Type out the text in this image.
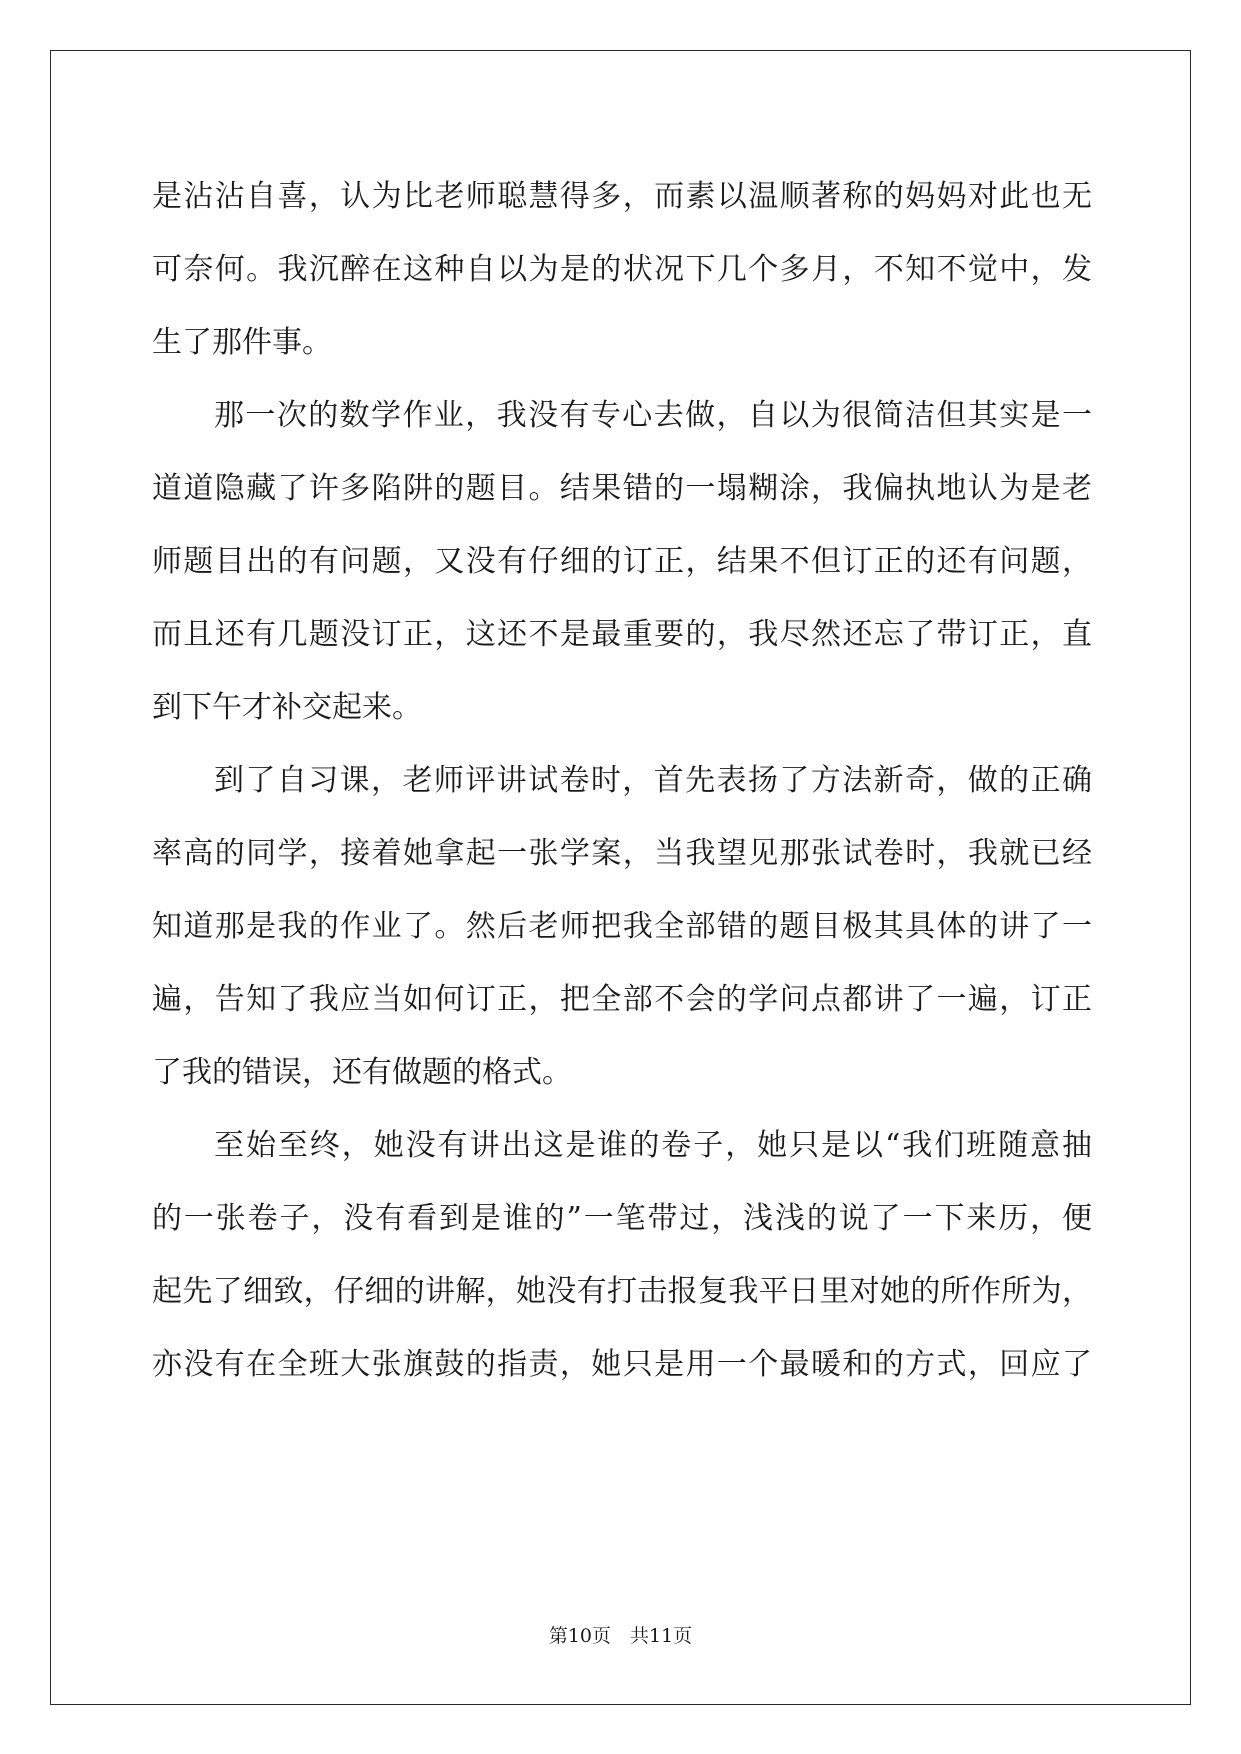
是沾沾自喜，认为比老师聪慧得多，而素以温顺著称的妈妈对此也无
可奈何。我沉醉在这种自以为是的状况下几个多月，不知不觉中，发
生了那件事。
那一次的数学作业，我没有专心去做，自以为很简洁但其实是一
道道隐藏了许多陷阱的题目。结果错的一塌糊涂，我偏执地认为是老
师题目出的有问题，又没有仔细的订正，结果不但订正的还有问题，
而且还有几题没订正，这还不是最重要的，我尽然还忘了带订正，直
到下午才补交起来。
到了自习课，老师评讲试卷时，首先表扬了方法新奇，做的正确
率高的同学，接着她拿起一张学案，当我望见那张试卷时，我就已经
知道那是我的作业了。然后老师把我全部错的题目极其具体的讲了一
遍，告知了我应当如何订正，把全部不会的学问点都讲了一遍，订正
了我的错误，还有做题的格式。
至始至终，她没有讲出这是谁的卷子，她只是以“我们班随意抽
的一张卷子，没有看到是谁的”一笔带过，浅浅的说了一下来历，便
起先了细致，仔细的讲解，她没有打击报复我平日里对她的所作所为，
亦没有在全班大张旗鼓的指责，她只是用一个最暖和的方式，回应了
第10页　共11页
